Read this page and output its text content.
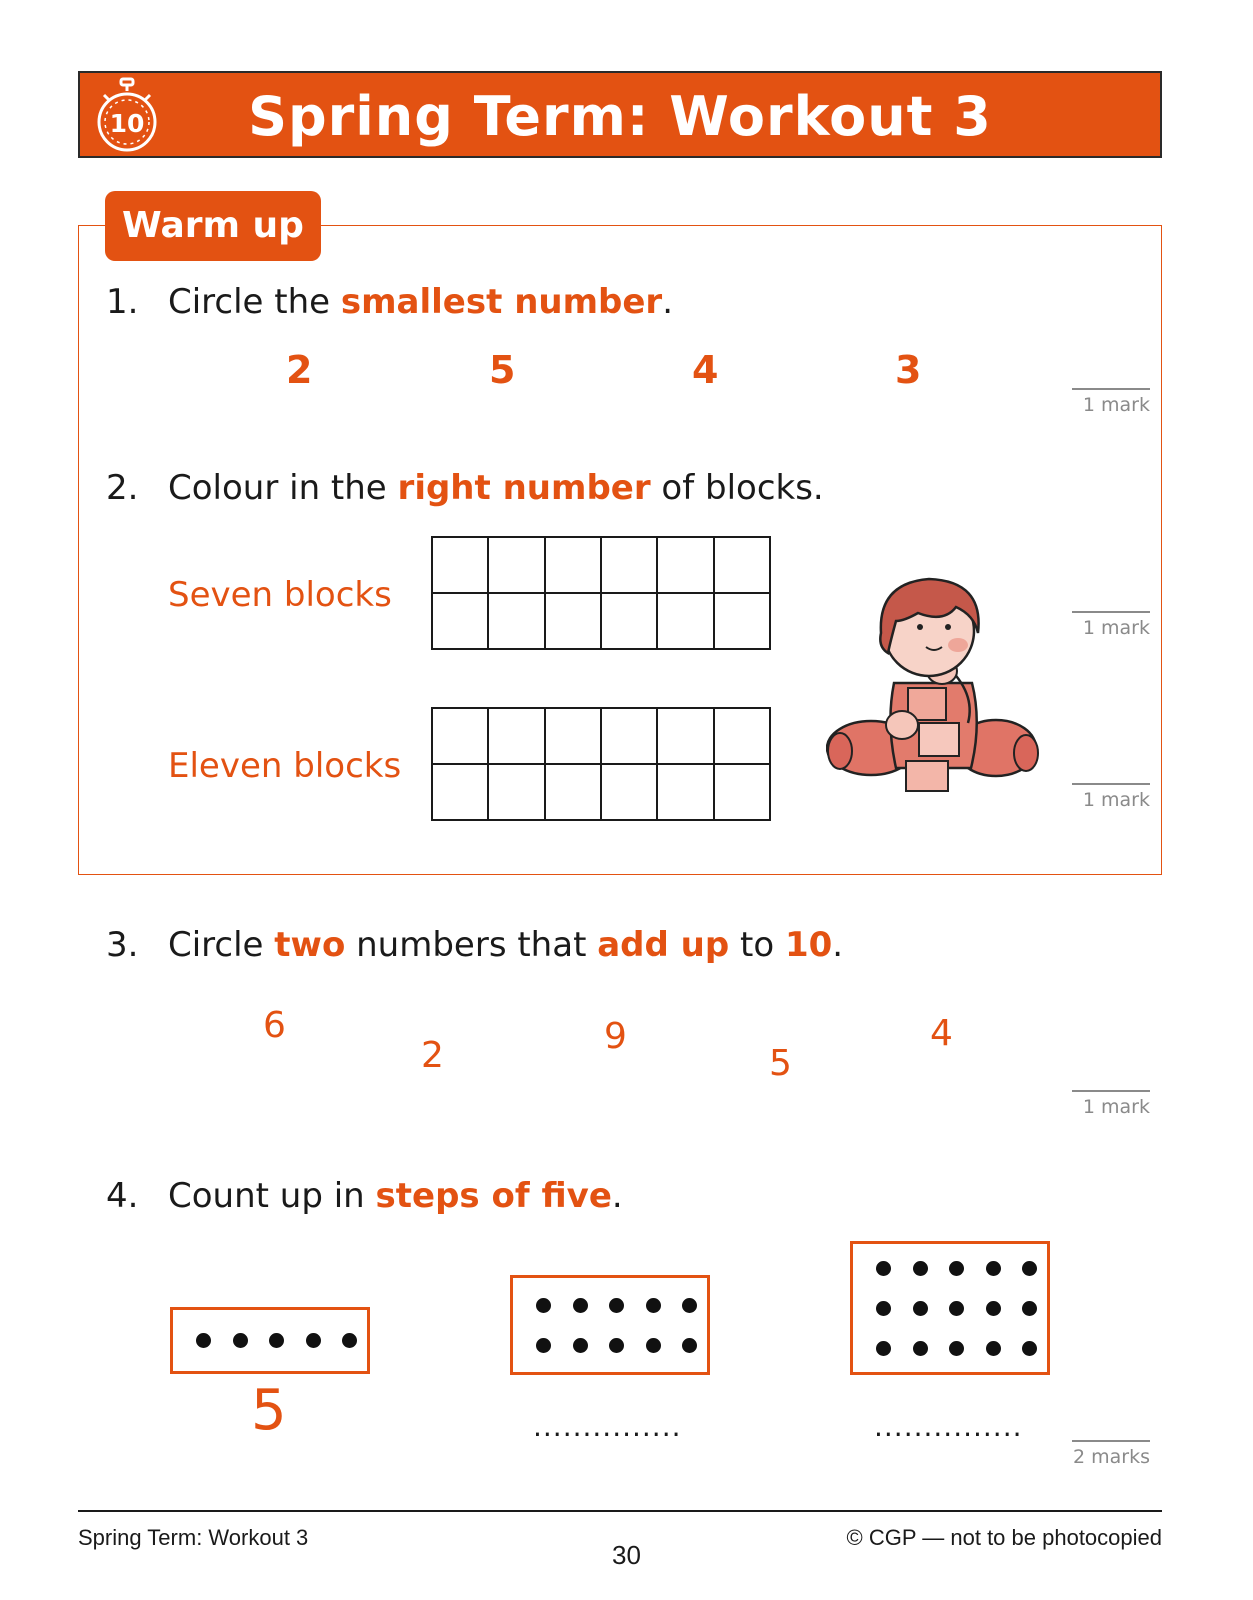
10	Spring Term: Workout 3
Warm up
1. Circle the smallest number.
2	5	4	3
1 mark
2. Colour in the right number of blocks.
Seven blocks
1 mark
Eleven blocks
1 mark
3. Circle two numbers that add up to 10.
6
2	9
5
4
1 mark
4. Count up in steps of five.
5	...............	...............
2 marks
Spring Term: Workout 3	© CGP — not to be photocopied
30
